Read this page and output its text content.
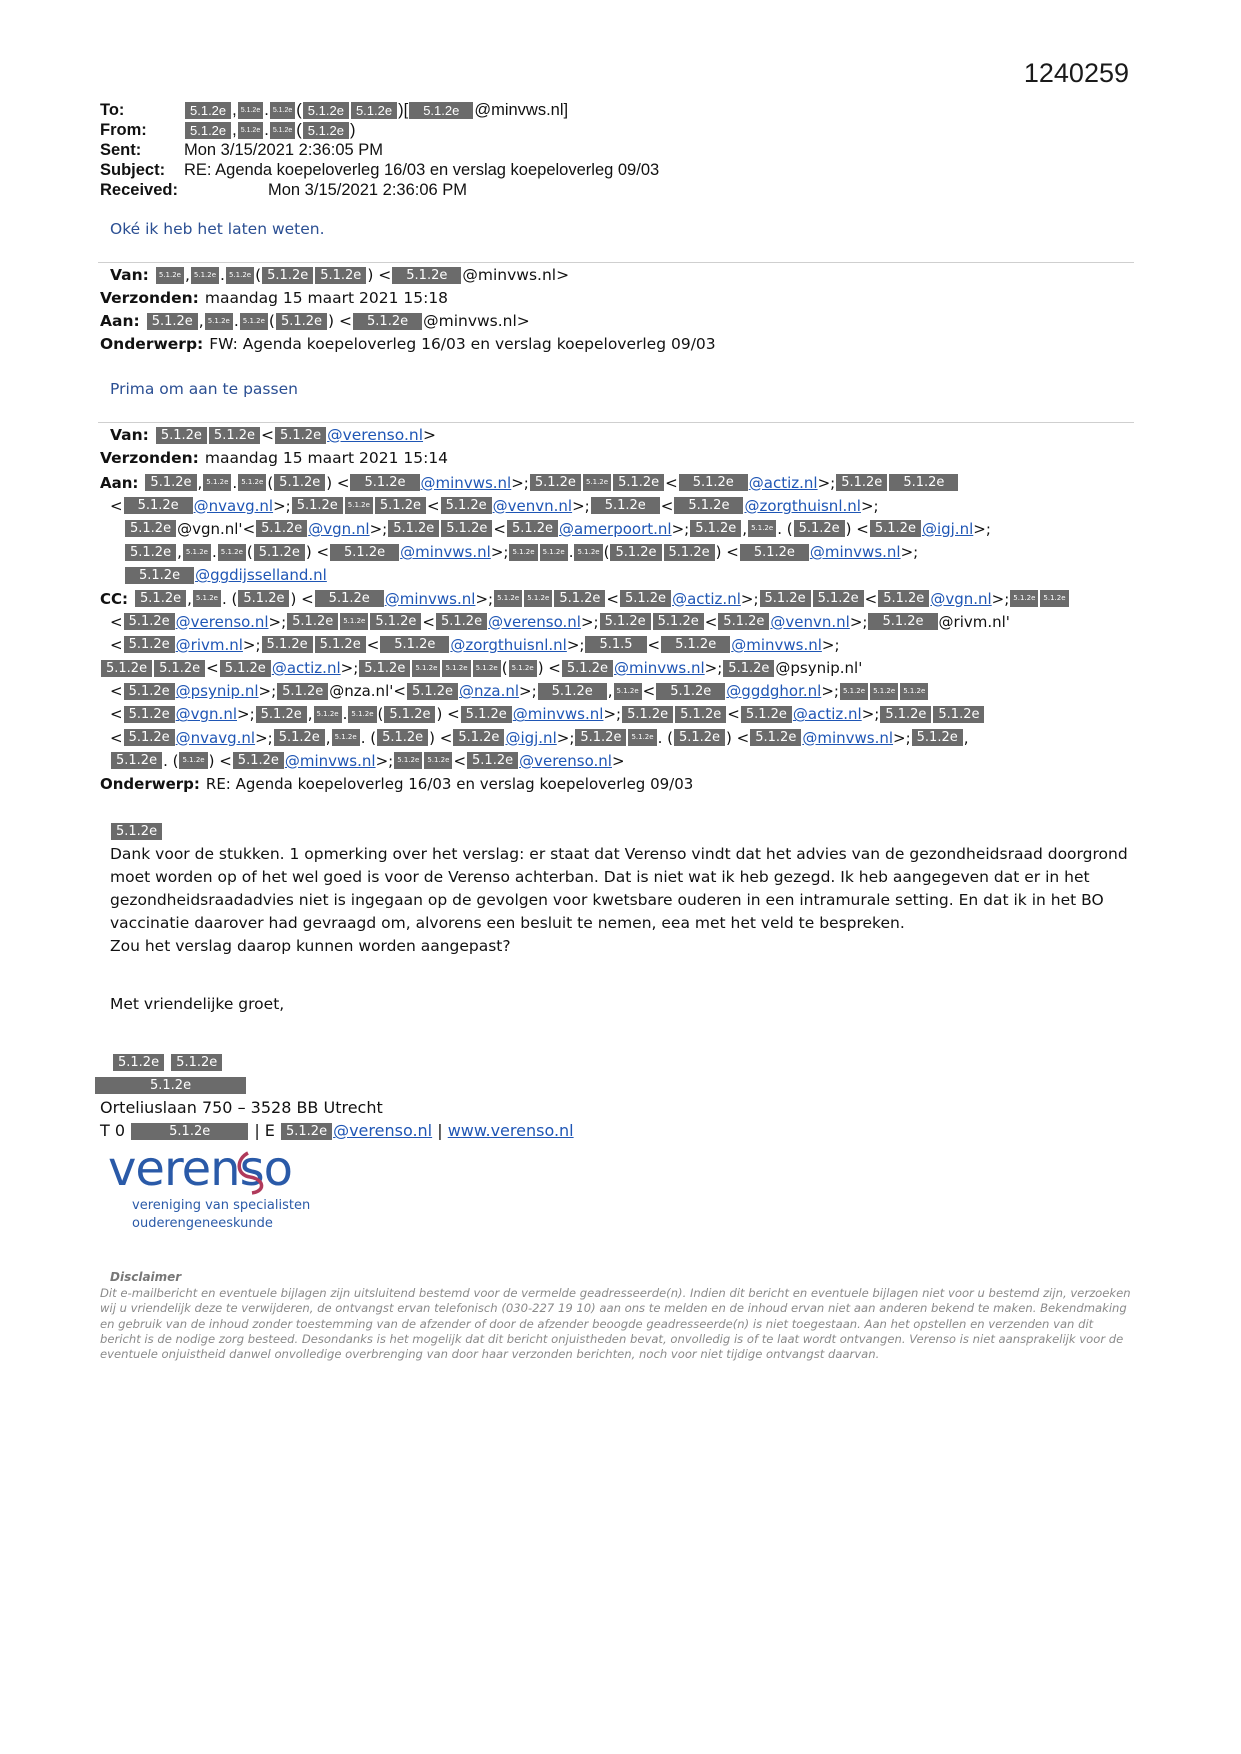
1240259
To:	5.1.2e , 5.1.2e . 5.1.2e ( 5.1.2e 5.1.2e )[	5.1.2e @minvws.nl]
From:	5.1.2e , 5.1.2e . 5.1.2e ( 5.1.2e )
Sent:	Mon 3/15/2021 2:36:05 PM
Subject:	RE: Agenda koepeloverleg 16/03 en verslag koepeloverleg 09/03
Received:	Mon 3/15/2021 2:36:06 PM
Oké ik heb het laten weten.
Van:	5.1.2e , 5.1.2e . 5.1.2e ( 5.1.2e 5.1.2e ) <	5.1.2e @minvws.nl>
Verzonden: maandag 15 maart 2021 15:18
Aan: 5.1.2e , 5.1.2e . 5.1.2e ( 5.1.2e ) <	5.1.2e @minvws.nl>
Onderwerp: FW: Agenda koepeloverleg 16/03 en verslag koepeloverleg 09/03
Prima om aan te passen
Van: 5.1.2e 5.1.2e < 5.1.2e @verenso.nl >
Verzonden: maandag 15 maart 2021 15:14
Aan: 5.1.2e , 5.1.2e . 5.1.2e ( 5.1.2e ) <	5.1.2e	@minvws.nl >; 5.1.2e	5.1.2e 5.1.2e <	5.1.2e	@actiz.nl >; 5.1.2e	5.1.2e
<	5.1.2e	@nvavg.nl >; 5.1.2e	5.1.2e 5.1.2e < 5.1.2e @venvn.nl >;	5.1.2e	<	5.1.2e	@zorgthuisnl.nl >;
5.1.2e @vgn.nl' < 5.1.2e @vgn.nl >; 5.1.2e 5.1.2e < 5.1.2e @amerpoort.nl >; 5.1.2e , 5.1.2e . ( 5.1.2e ) < 5.1.2e @igj.nl >;
5.1.2e , 5.1.2e . 5.1.2e ( 5.1.2e ) <	5.1.2e	@minvws.nl >; 5.1.2e	5.1.2e . 5.1.2e ( 5.1.2e 5.1.2e ) <	5.1.2e	@minvws.nl >;
5.1.2e	@ggdijsselland.nl
CC: 5.1.2e , 5.1.2e . ( 5.1.2e ) <	5.1.2e	@minvws.nl >; 5.1.2e	5.1.2e 5.1.2e < 5.1.2e @actiz.nl >; 5.1.2e 5.1.2e < 5.1.2e @vgn.nl >; 5.1.2e	5.1.2e
< 5.1.2e @verenso.nl >; 5.1.2e	5.1.2e 5.1.2e < 5.1.2e @verenso.nl >; 5.1.2e 5.1.2e < 5.1.2e @venvn.nl >;	5.1.2e	@rivm.nl'
< 5.1.2e @rivm.nl >; 5.1.2e 5.1.2e <	5.1.2e	@zorgthuisnl.nl >;	5.1.5	<	5.1.2e	@minvws.nl >;
5.1.2e 5.1.2e < 5.1.2e @actiz.nl >; 5.1.2e	5.1.2e	5.1.2e	5.1.2e ( 5.1.2e ) < 5.1.2e @minvws.nl >; 5.1.2e @psynip.nl'
< 5.1.2e @psynip.nl >; 5.1.2e @nza.nl' < 5.1.2e @nza.nl >;	5.1.2e	, 5.1.2e <	5.1.2e	@ggdghor.nl >; 5.1.2e	5.1.2e	5.1.2e
< 5.1.2e @vgn.nl >; 5.1.2e , 5.1.2e . 5.1.2e ( 5.1.2e ) < 5.1.2e @minvws.nl >; 5.1.2e 5.1.2e < 5.1.2e @actiz.nl >; 5.1.2e 5.1.2e
< 5.1.2e @nvavg.nl >; 5.1.2e , 5.1.2e . ( 5.1.2e ) < 5.1.2e @igj.nl >; 5.1.2e	5.1.2e . ( 5.1.2e ) < 5.1.2e @minvws.nl >; 5.1.2e ,
5.1.2e . ( 5.1.2e ) < 5.1.2e @minvws.nl >; 5.1.2e	5.1.2e < 5.1.2e @verenso.nl >
Onderwerp: RE: Agenda koepeloverleg 16/03 en verslag koepeloverleg 09/03

5.1.2e

Dank voor de stukken. 1 opmerking over het verslag: er staat dat Verenso vindt dat het advies van de gezondheidsraad doorgrond moet worden op of het wel goed is voor de Verenso achterban. Dat is niet wat ik heb gezegd. Ik heb aangegeven dat er in het gezondheidsraadadvies niet is ingegaan op de gevolgen voor kwetsbare ouderen in een intramurale setting. En dat ik in het BO vaccinatie daarover had gevraagd om, alvorens een besluit te nemen, eea met het veld te bespreken.

Zou het verslag daarop kunnen worden aangepast?

Met vriendelijke groet,

5.1.2e 5.1.2e
5.1.2e
Orteliuslaan 750 – 3528 BB Utrecht
T 0	5.1.2e	| E 5.1.2e @verenso.nl | www.verenso.nl
verenso
vereniging van specialisten
ouderengeneeskunde
Disclaimer
Dit e-mailbericht en eventuele bijlagen zijn uitsluitend bestemd voor de vermelde geadresseerde(n). Indien dit bericht en eventuele bijlagen niet voor u bestemd zijn, verzoeken wij u vriendelijk deze te verwijderen, de ontvangst ervan telefonisch (030-227 19 10) aan ons te melden en de inhoud ervan niet aan anderen bekend te maken. Bekendmaking en gebruik van de inhoud zonder toestemming van de afzender of door de afzender beoogde geadresseerde(n) is niet toegestaan. Aan het opstellen en verzenden van dit bericht is de nodige zorg besteed. Desondanks is het mogelijk dat dit bericht onjuistheden bevat, onvolledig is of te laat wordt ontvangen. Verenso is niet aansprakelijk voor de eventuele onjuistheid danwel onvolledige overbrenging van door haar verzonden berichten, noch voor niet tijdige ontvangst daarvan.
